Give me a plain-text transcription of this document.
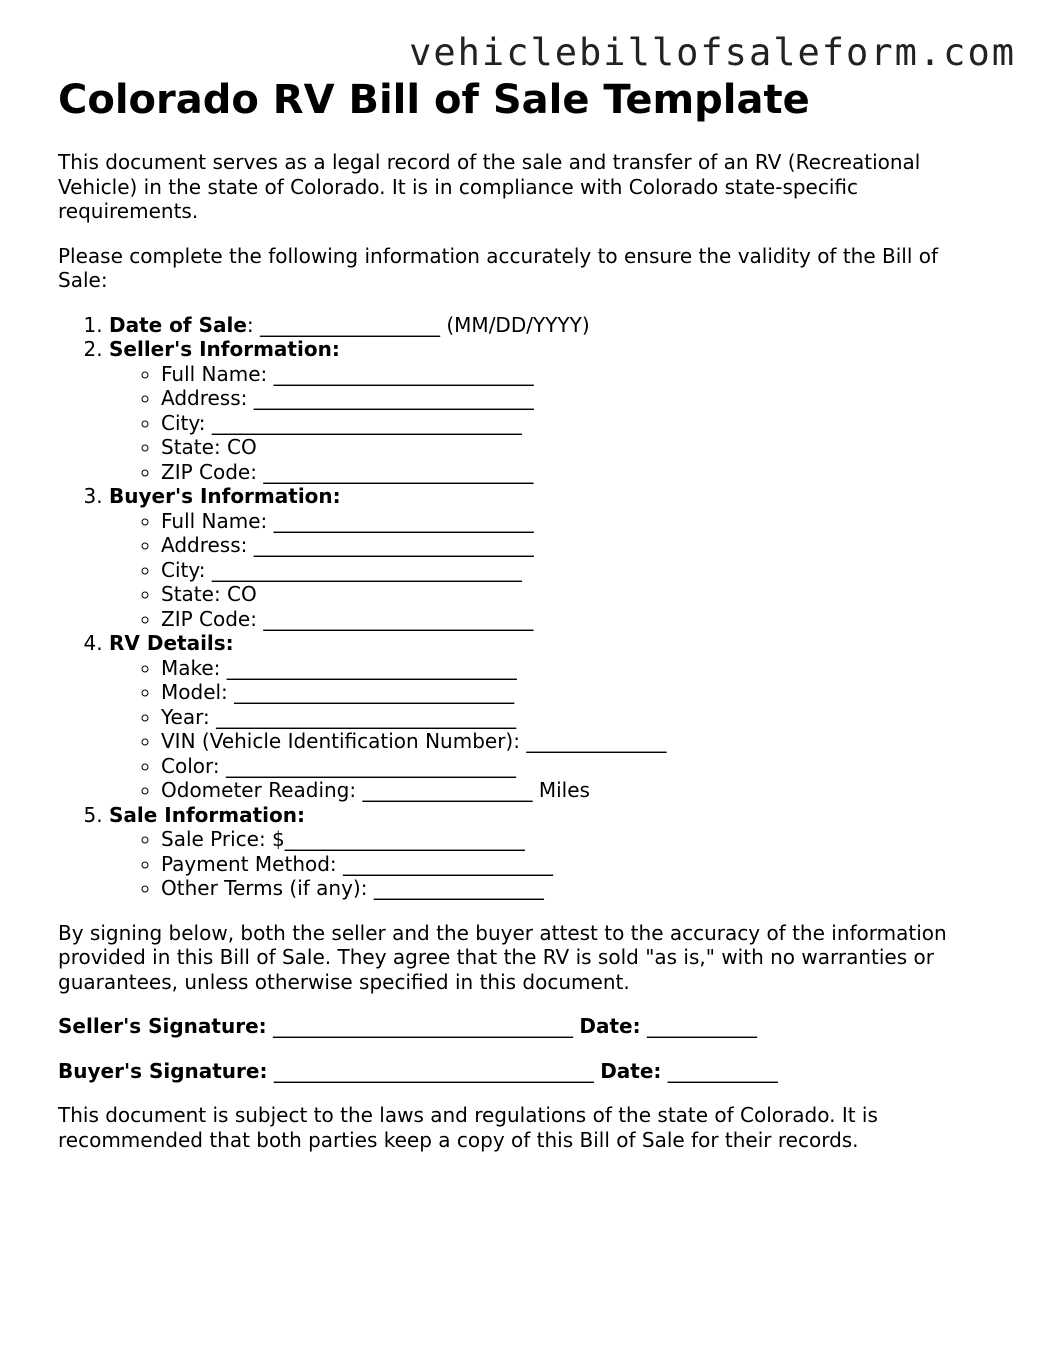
vehiclebillofsaleform.com
Colorado RV Bill of Sale Template

This document serves as a legal record of the sale and transfer of an RV (Recreational Vehicle) in the state of Colorado. It is in compliance with Colorado state-specific requirements.

Please complete the following information accurately to ensure the validity of the Bill of Sale:

1. Date of Sale: __________________ (MM/DD/YYYY)
2. Seller's Information:
◦ Full Name: __________________________
◦ Address: ____________________________
◦ City: _______________________________
◦ State: CO
◦ ZIP Code: ___________________________
3. Buyer's Information:
◦ Full Name: __________________________
◦ Address: ____________________________
◦ City: _______________________________
◦ State: CO
◦ ZIP Code: ___________________________
4. RV Details:
◦ Make: _____________________________
◦ Model: ____________________________
◦ Year: ______________________________
◦ VIN (Vehicle Identification Number): ______________
◦ Color: _____________________________
◦ Odometer Reading: _________________ Miles
5. Sale Information:
◦ Sale Price: $________________________
◦ Payment Method: _____________________
◦ Other Terms (if any): _________________

By signing below, both the seller and the buyer attest to the accuracy of the information provided in this Bill of Sale. They agree that the RV is sold "as is," with no warranties or guarantees, unless otherwise specified in this document.

Seller's Signature: ______________________________ Date: ___________

Buyer's Signature: ________________________________ Date: ___________

This document is subject to the laws and regulations of the state of Colorado. It is recommended that both parties keep a copy of this Bill of Sale for their records.
